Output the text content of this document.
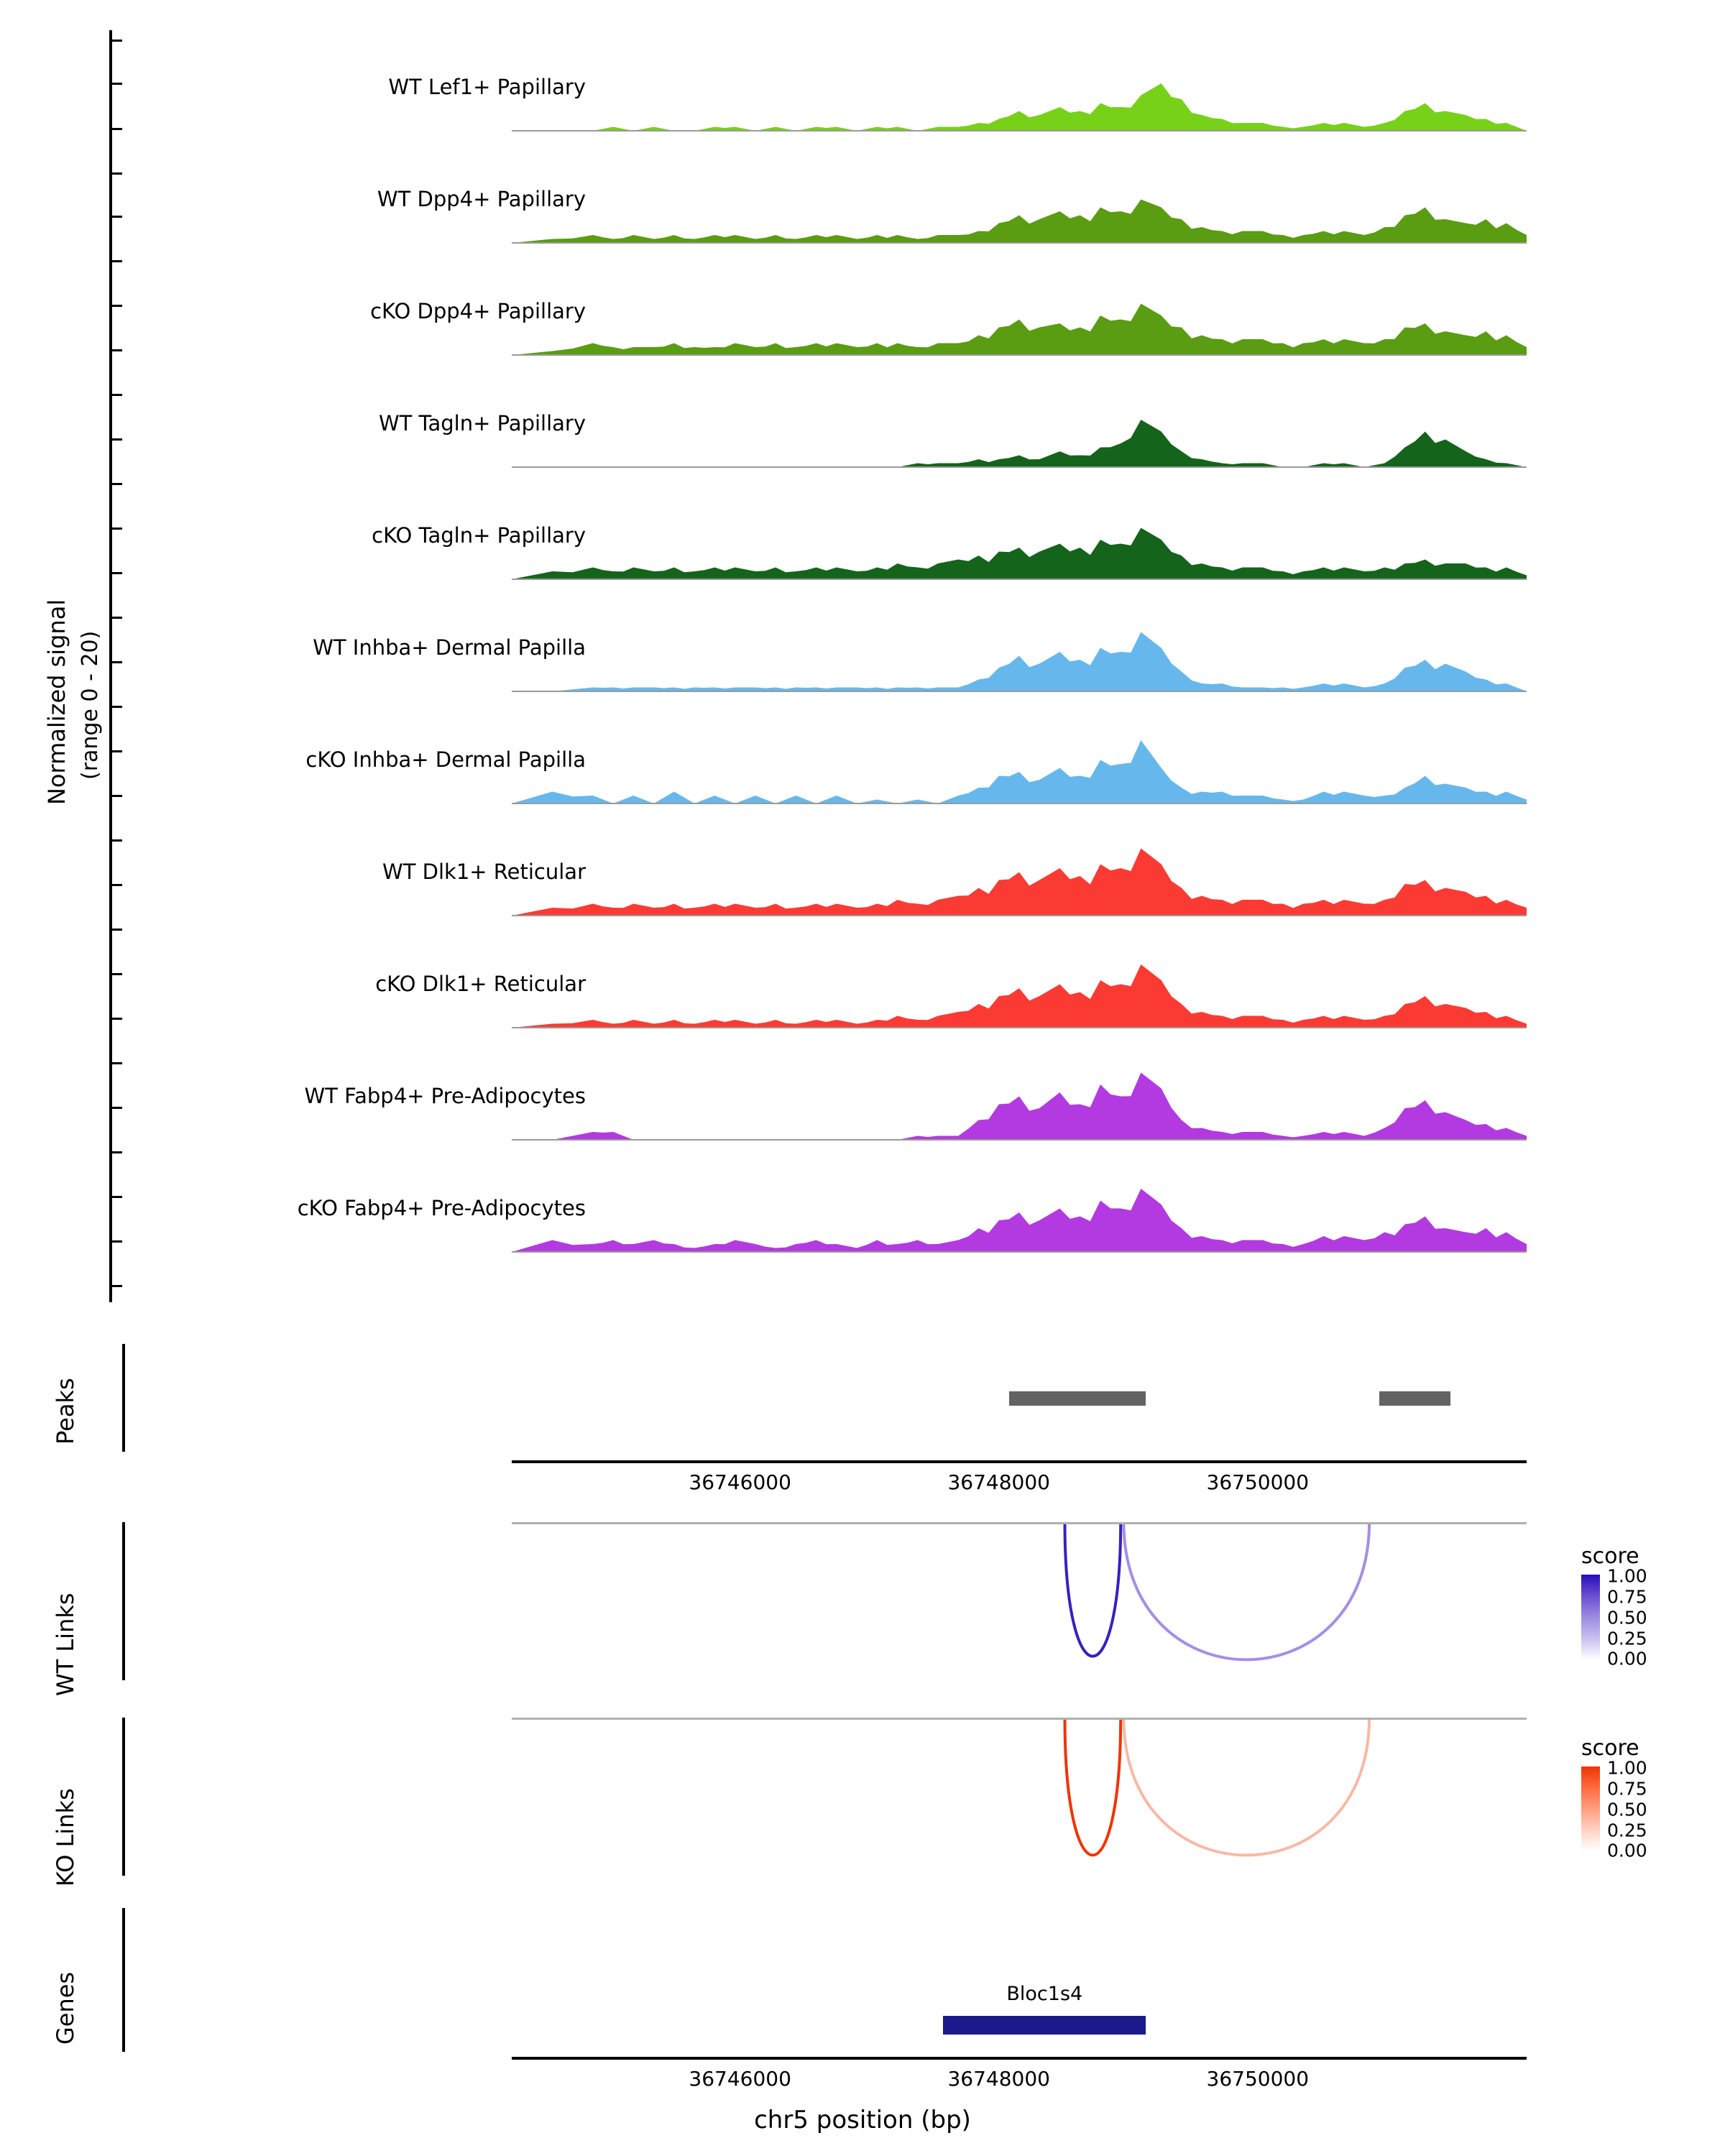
Normalized signal (range 0 - 20)
Peaks
WT Links
KO Links
Genes
WT Lef1+ Papillary
WT Dpp4+ Papillary
cKO Dpp4+ Papillary
WT Tagln+ Papillary
cKO Tagln+ Papillary
WT Inhba+ Dermal Papilla
cKO Inhba+ Dermal Papilla
WT Dlk1+ Reticular
cKO Dlk1+ Reticular
WT Fabp4+ Pre-Adipocytes
cKO Fabp4+ Pre-Adipocytes
36746000	36748000	36750000
score
1.00
0.75
0.50
0.25
0.00
score
1.00
0.75
0.50
0.25
0.00
Bloc1s4
36746000	36748000	36750000
chr5 position (bp)
